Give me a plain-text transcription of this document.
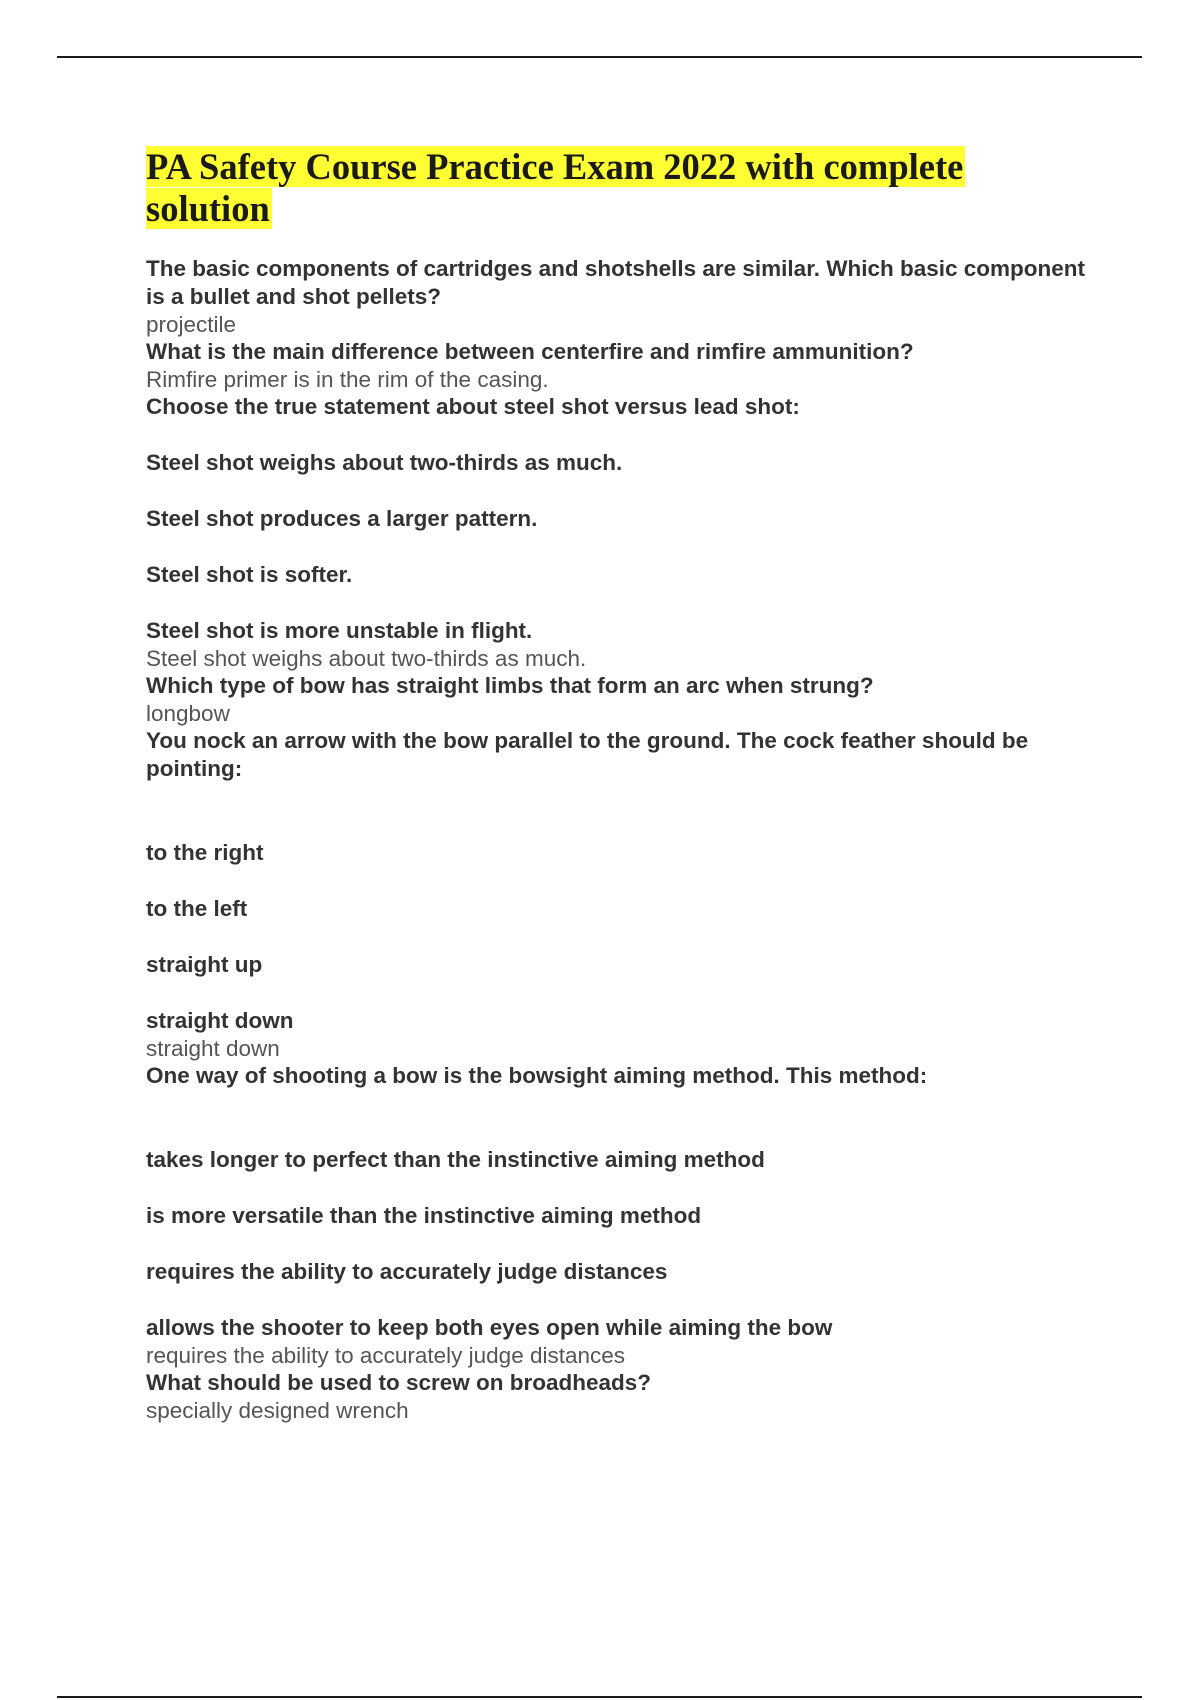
PA Safety Course Practice Exam 2022 with complete solution
The basic components of cartridges and shotshells are similar. Which basic component is a bullet and shot pellets?
projectile
What is the main difference between centerfire and rimfire ammunition?
Rimfire primer is in the rim of the casing.
Choose the true statement about steel shot versus lead shot:
Steel shot weighs about two-thirds as much.
Steel shot produces a larger pattern.
Steel shot is softer.
Steel shot is more unstable in flight.
Steel shot weighs about two-thirds as much.
Which type of bow has straight limbs that form an arc when strung?
longbow
You nock an arrow with the bow parallel to the ground. The cock feather should be pointing:
to the right
to the left
straight up
straight down
straight down
One way of shooting a bow is the bowsight aiming method. This method:
takes longer to perfect than the instinctive aiming method
is more versatile than the instinctive aiming method
requires the ability to accurately judge distances
allows the shooter to keep both eyes open while aiming the bow
requires the ability to accurately judge distances
What should be used to screw on broadheads?
specially designed wrench
